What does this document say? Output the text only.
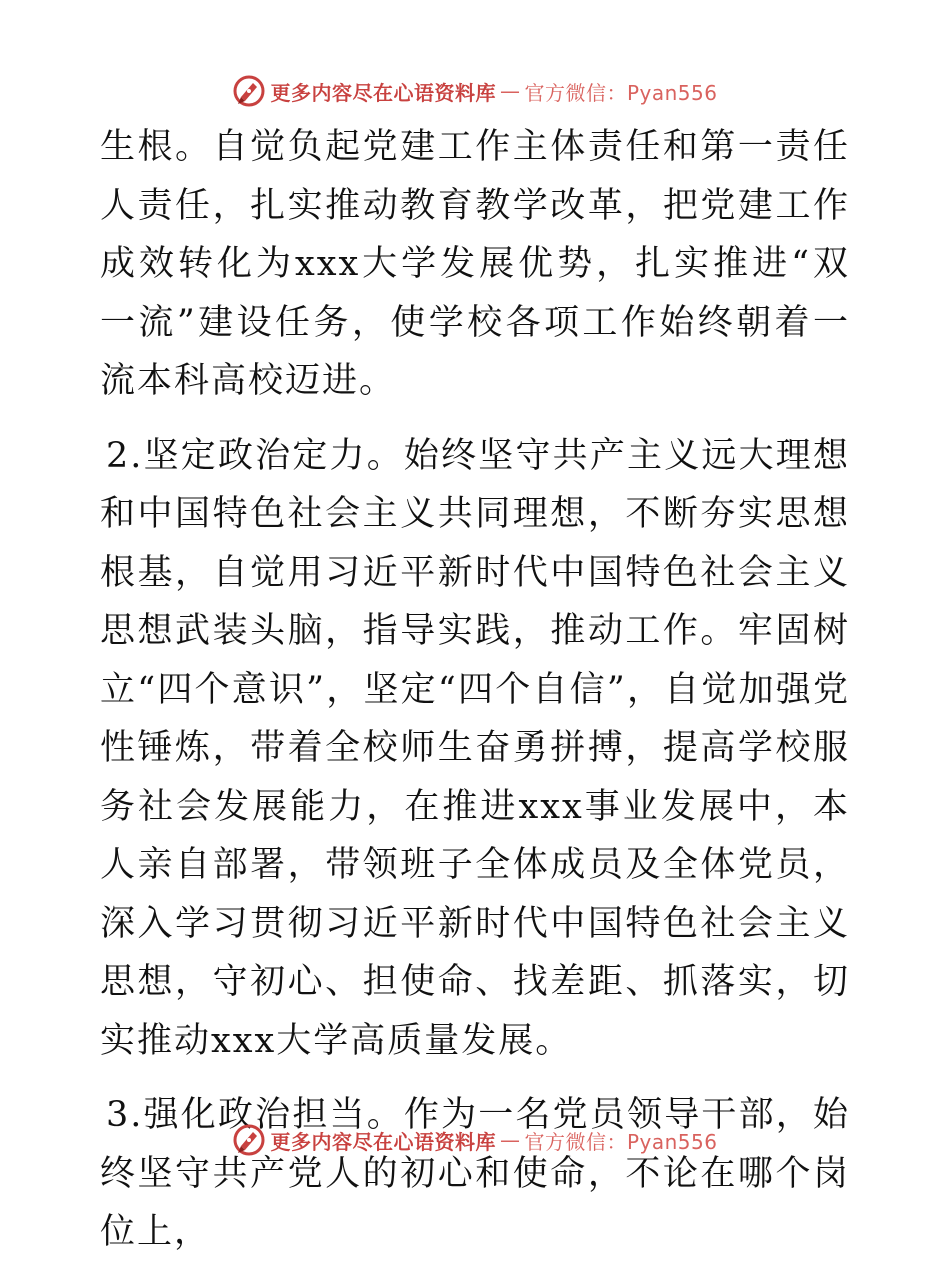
更多内容尽在心语资料库 — 官方微信：Pyan556

生根。自觉负起党建工作主体责任和第一责任人责任，扎实推动教育教学改革，把党建工作成效转化为xxx大学发展优势，扎实推进“双一流”建设任务，使学校各项工作始终朝着一流本科高校迈进。

2.坚定政治定力。始终坚守共产主义远大理想和中国特色社会主义共同理想，不断夯实思想根基，自觉用习近平新时代中国特色社会主义思想武装头脑，指导实践，推动工作。牢固树立“四个意识”，坚定“四个自信”，自觉加强党性锤炼，带着全校师生奋勇拼搏，提高学校服务社会发展能力，在推进xxx事业发展中，本人亲自部署，带领班子全体成员及全体党员，深入学习贯彻习近平新时代中国特色社会主义思想，守初心、担使命、找差距、抓落实，切实推动xxx大学高质量发展。

3.强化政治担当。作为一名党员领导干部，始终坚守共产党人的初心和使命，不论在哪个岗位上，

更多内容尽在心语资料库 — 官方微信：Pyan556
